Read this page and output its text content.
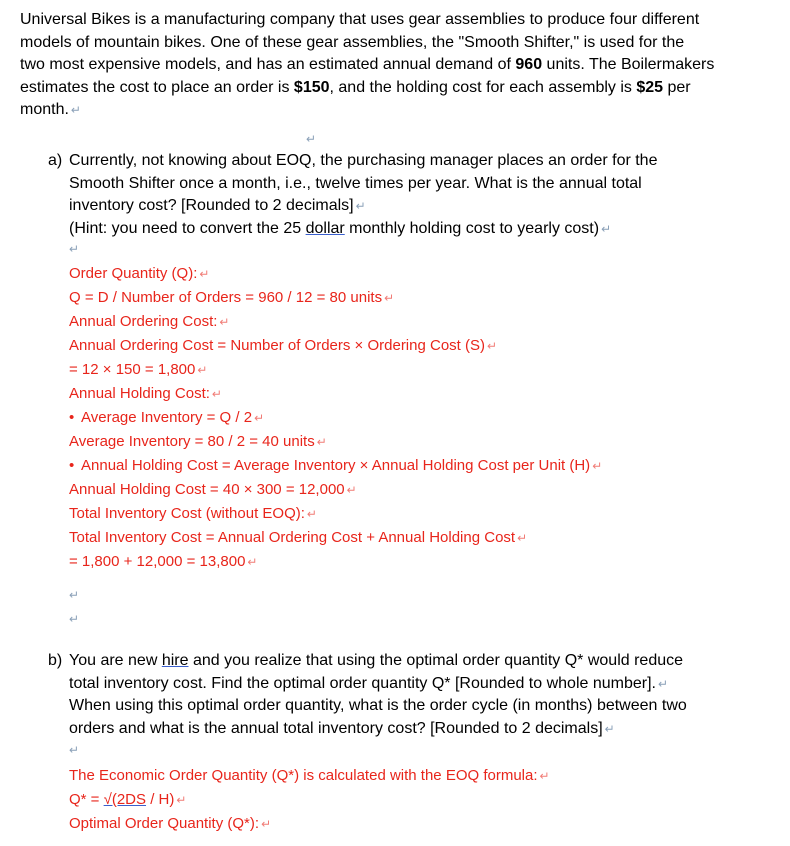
Universal Bikes is a manufacturing company that uses gear assemblies to produce four different
models of mountain bikes. One of these gear assemblies, the "Smooth Shifter," is used for the
two most expensive models, and has an estimated annual demand of 960 units. The Boilermakers
estimates the cost to place an order is $150, and the holding cost for each assembly is $25 per
month. ↵
↵
a) Currently, not knowing about EOQ, the purchasing manager places an order for the
Smooth Shifter once a month, i.e., twelve times per year. What is the annual total
inventory cost? [Rounded to 2 decimals] ↵
(Hint: you need to convert the 25 dollar monthly holding cost to yearly cost) ↵
↵
Order Quantity (Q): ↵
Q = D / Number of Orders = 960 / 12 = 80 units ↵
Annual Ordering Cost: ↵
Annual Ordering Cost = Number of Orders × Ordering Cost (S) ↵
= 12 × 150 = 1,800 ↵
Annual Holding Cost: ↵
• Average Inventory = Q / 2 ↵
Average Inventory = 80 / 2 = 40 units ↵
• Annual Holding Cost = Average Inventory × Annual Holding Cost per Unit (H) ↵
Annual Holding Cost = 40 × 300 = 12,000 ↵
Total Inventory Cost (without EOQ): ↵
Total Inventory Cost = Annual Ordering Cost + Annual Holding Cost ↵
= 1,800 + 12,000 = 13,800 ↵
↵
↵
b) You are new hire and you realize that using the optimal order quantity Q* would reduce
total inventory cost. Find the optimal order quantity Q* [Rounded to whole number]. ↵
When using this optimal order quantity, what is the order cycle (in months) between two
orders and what is the annual total inventory cost? [Rounded to 2 decimals] ↵
↵
The Economic Order Quantity (Q*) is calculated with the EOQ formula: ↵
Q* = √(2DS / H) ↵
Optimal Order Quantity (Q*): ↵
